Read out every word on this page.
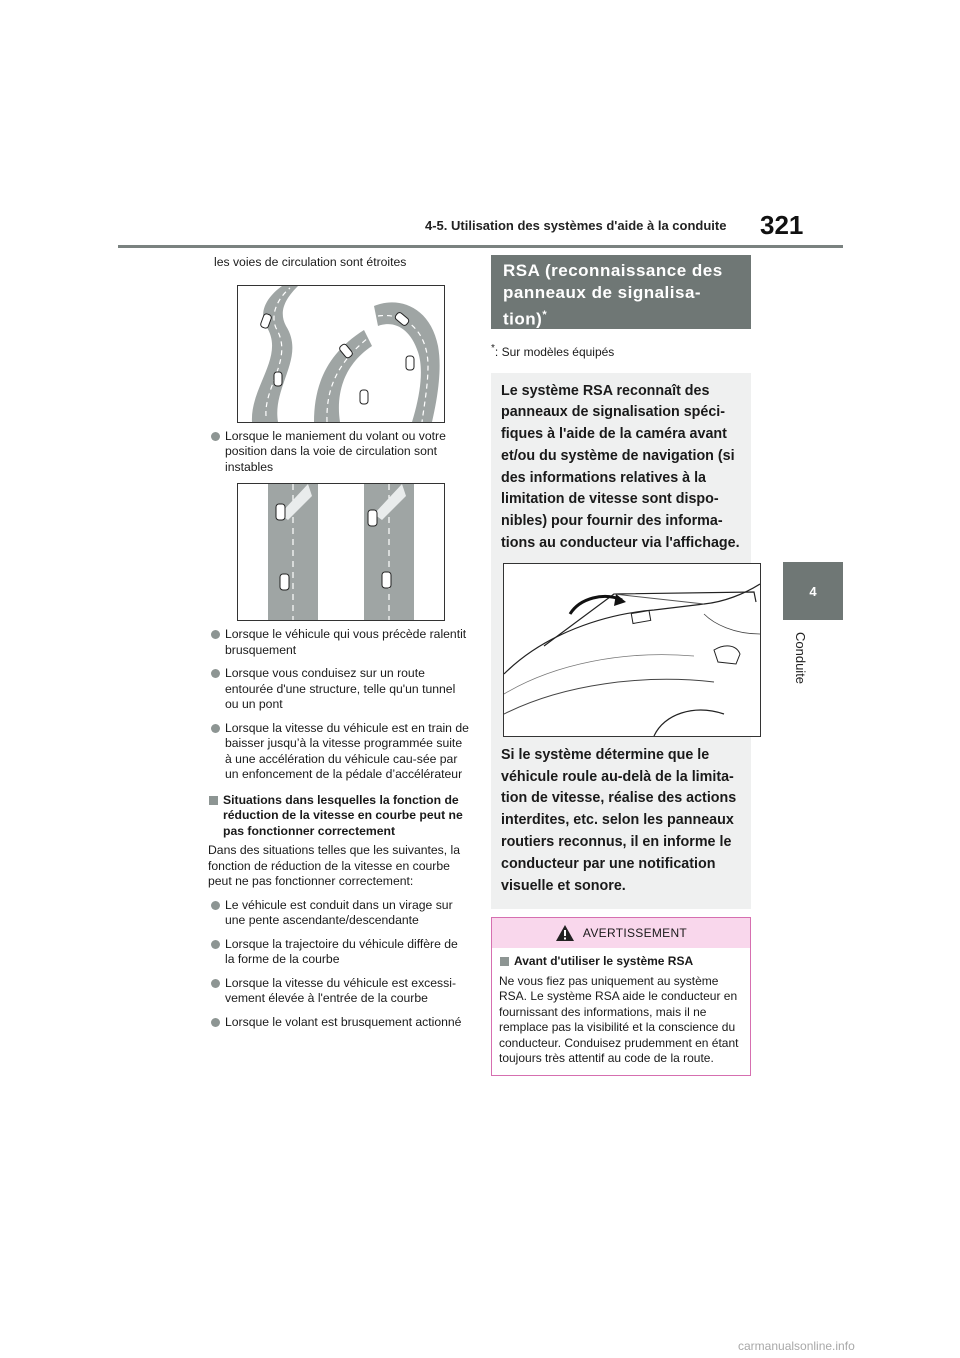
4-5. Utilisation des systèmes d'aide à la conduite 321
4
Conduite

les voies de circulation sont étroites

Lorsque le maniement du volant ou votre position dans la voie de circulation sont instables
Lorsque le véhicule qui vous précède ralentit brusquement
Lorsque vous conduisez sur un route entourée d'une structure, telle qu'un tunnel ou un pont
Lorsque la vitesse du véhicule est en train de baisser jusqu’à la vitesse programmée suite à une accélération du véhicule cau-sée par un enfoncement de la pédale d’accélérateur
Situations dans lesquelles la fonction de réduction de la vitesse en courbe peut ne pas fonctionner correctement

Dans des situations telles que les suivantes, la fonction de réduction de la vitesse en courbe peut ne pas fonctionner correctement:

Le véhicule est conduit dans un virage sur une pente ascendante/descendante
Lorsque la trajectoire du véhicule diffère de la forme de la courbe
Lorsque la vitesse du véhicule est excessi-vement élevée à l'entrée de la courbe
Lorsque le volant est brusquement actionné
RSA (reconnaissance des panneaux de signalisa-tion)*
*: Sur modèles équipés
Le système RSA reconnaît des panneaux de signalisation spéci-fiques à l'aide de la caméra avant et/ou du système de navigation (si des informations relatives à la limitation de vitesse sont dispo-nibles) pour fournir des informa-tions au conducteur via l'affichage.
Si le système détermine que le véhicule roule au-delà de la limita-tion de vitesse, réalise des actions interdites, etc. selon les panneaux routiers reconnus, il en informe le conducteur par une notification visuelle et sonore.
AVERTISSEMENT
Avant d'utiliser le système RSA
Ne vous fiez pas uniquement au système RSA. Le système RSA aide le conducteur en fournissant des informations, mais il ne remplace pas la visibilité et la conscience du conducteur. Conduisez prudemment en étant toujours très attentif au code de la route.
carmanualsonline.info
